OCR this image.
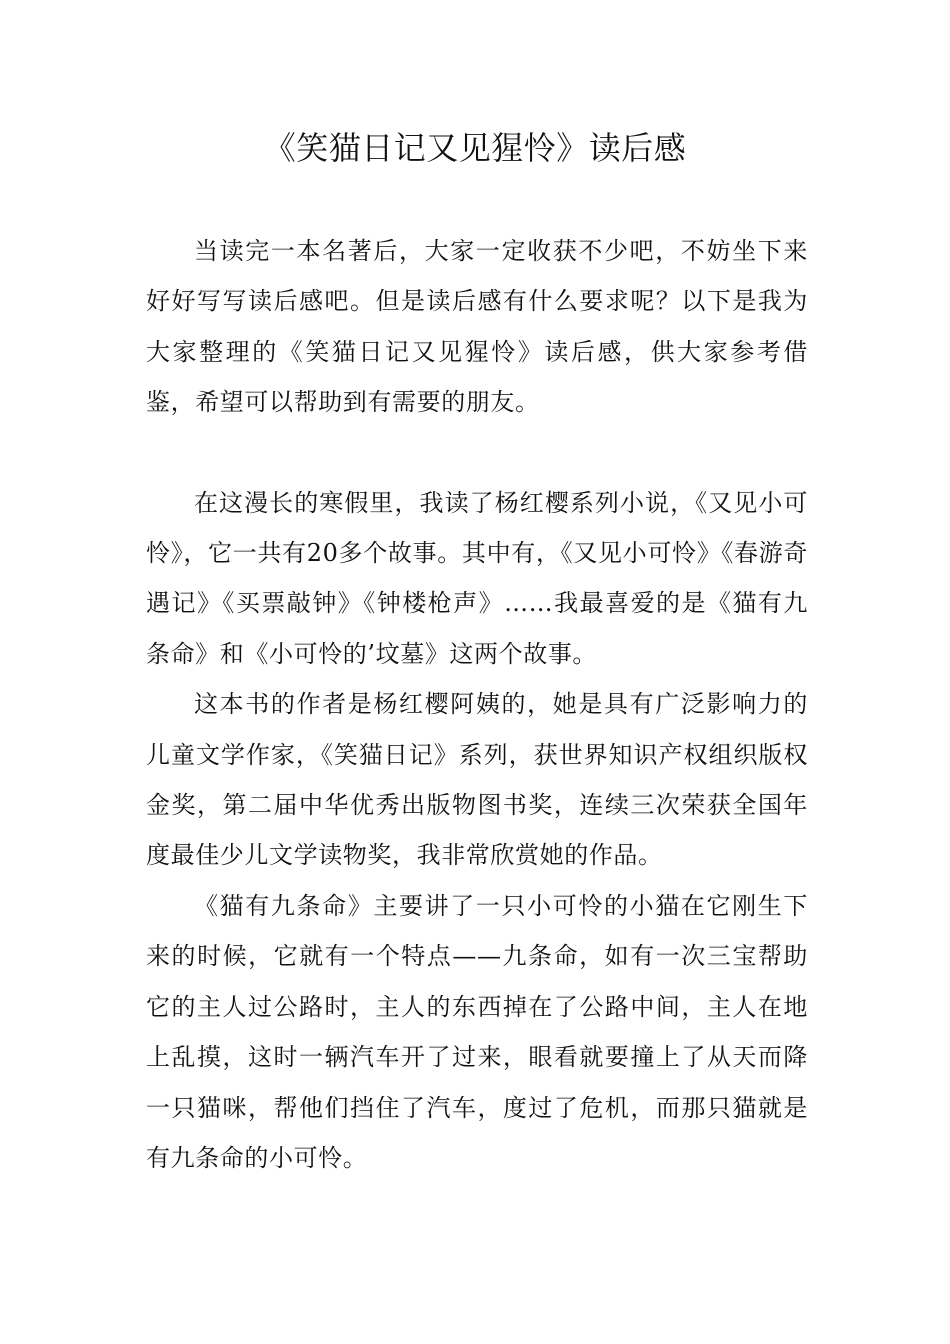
《笑猫日记又见猩怜》读后感

当读完一本名著后，大家一定收获不少吧，不妨坐下来好好写写读后感吧。但是读后感有什么要求呢？以下是我为大家整理的《笑猫日记又见猩怜》读后感，供大家参考借鉴，希望可以帮助到有需要的朋友。

在这漫长的寒假里，我读了杨红樱系列小说，《又见小可怜》，它一共有20多个故事。其中有，《又见小可怜》《春游奇遇记》《买票敲钟》《钟楼枪声》……我最喜爱的是《猫有九条命》和《小可怜的’坟墓》这两个故事。

这本书的作者是杨红樱阿姨的，她是具有广泛影响力的儿童文学作家，《笑猫日记》系列，获世界知识产权组织版权金奖，第二届中华优秀出版物图书奖，连续三次荣获全国年度最佳少儿文学读物奖，我非常欣赏她的作品。

《猫有九条命》主要讲了一只小可怜的小猫在它刚生下来的时候，它就有一个特点——九条命，如有一次三宝帮助它的主人过公路时，主人的东西掉在了公路中间，主人在地上乱摸，这时一辆汽车开了过来，眼看就要撞上了从天而降一只猫咪，帮他们挡住了汽车，度过了危机，而那只猫就是有九条命的小可怜。
